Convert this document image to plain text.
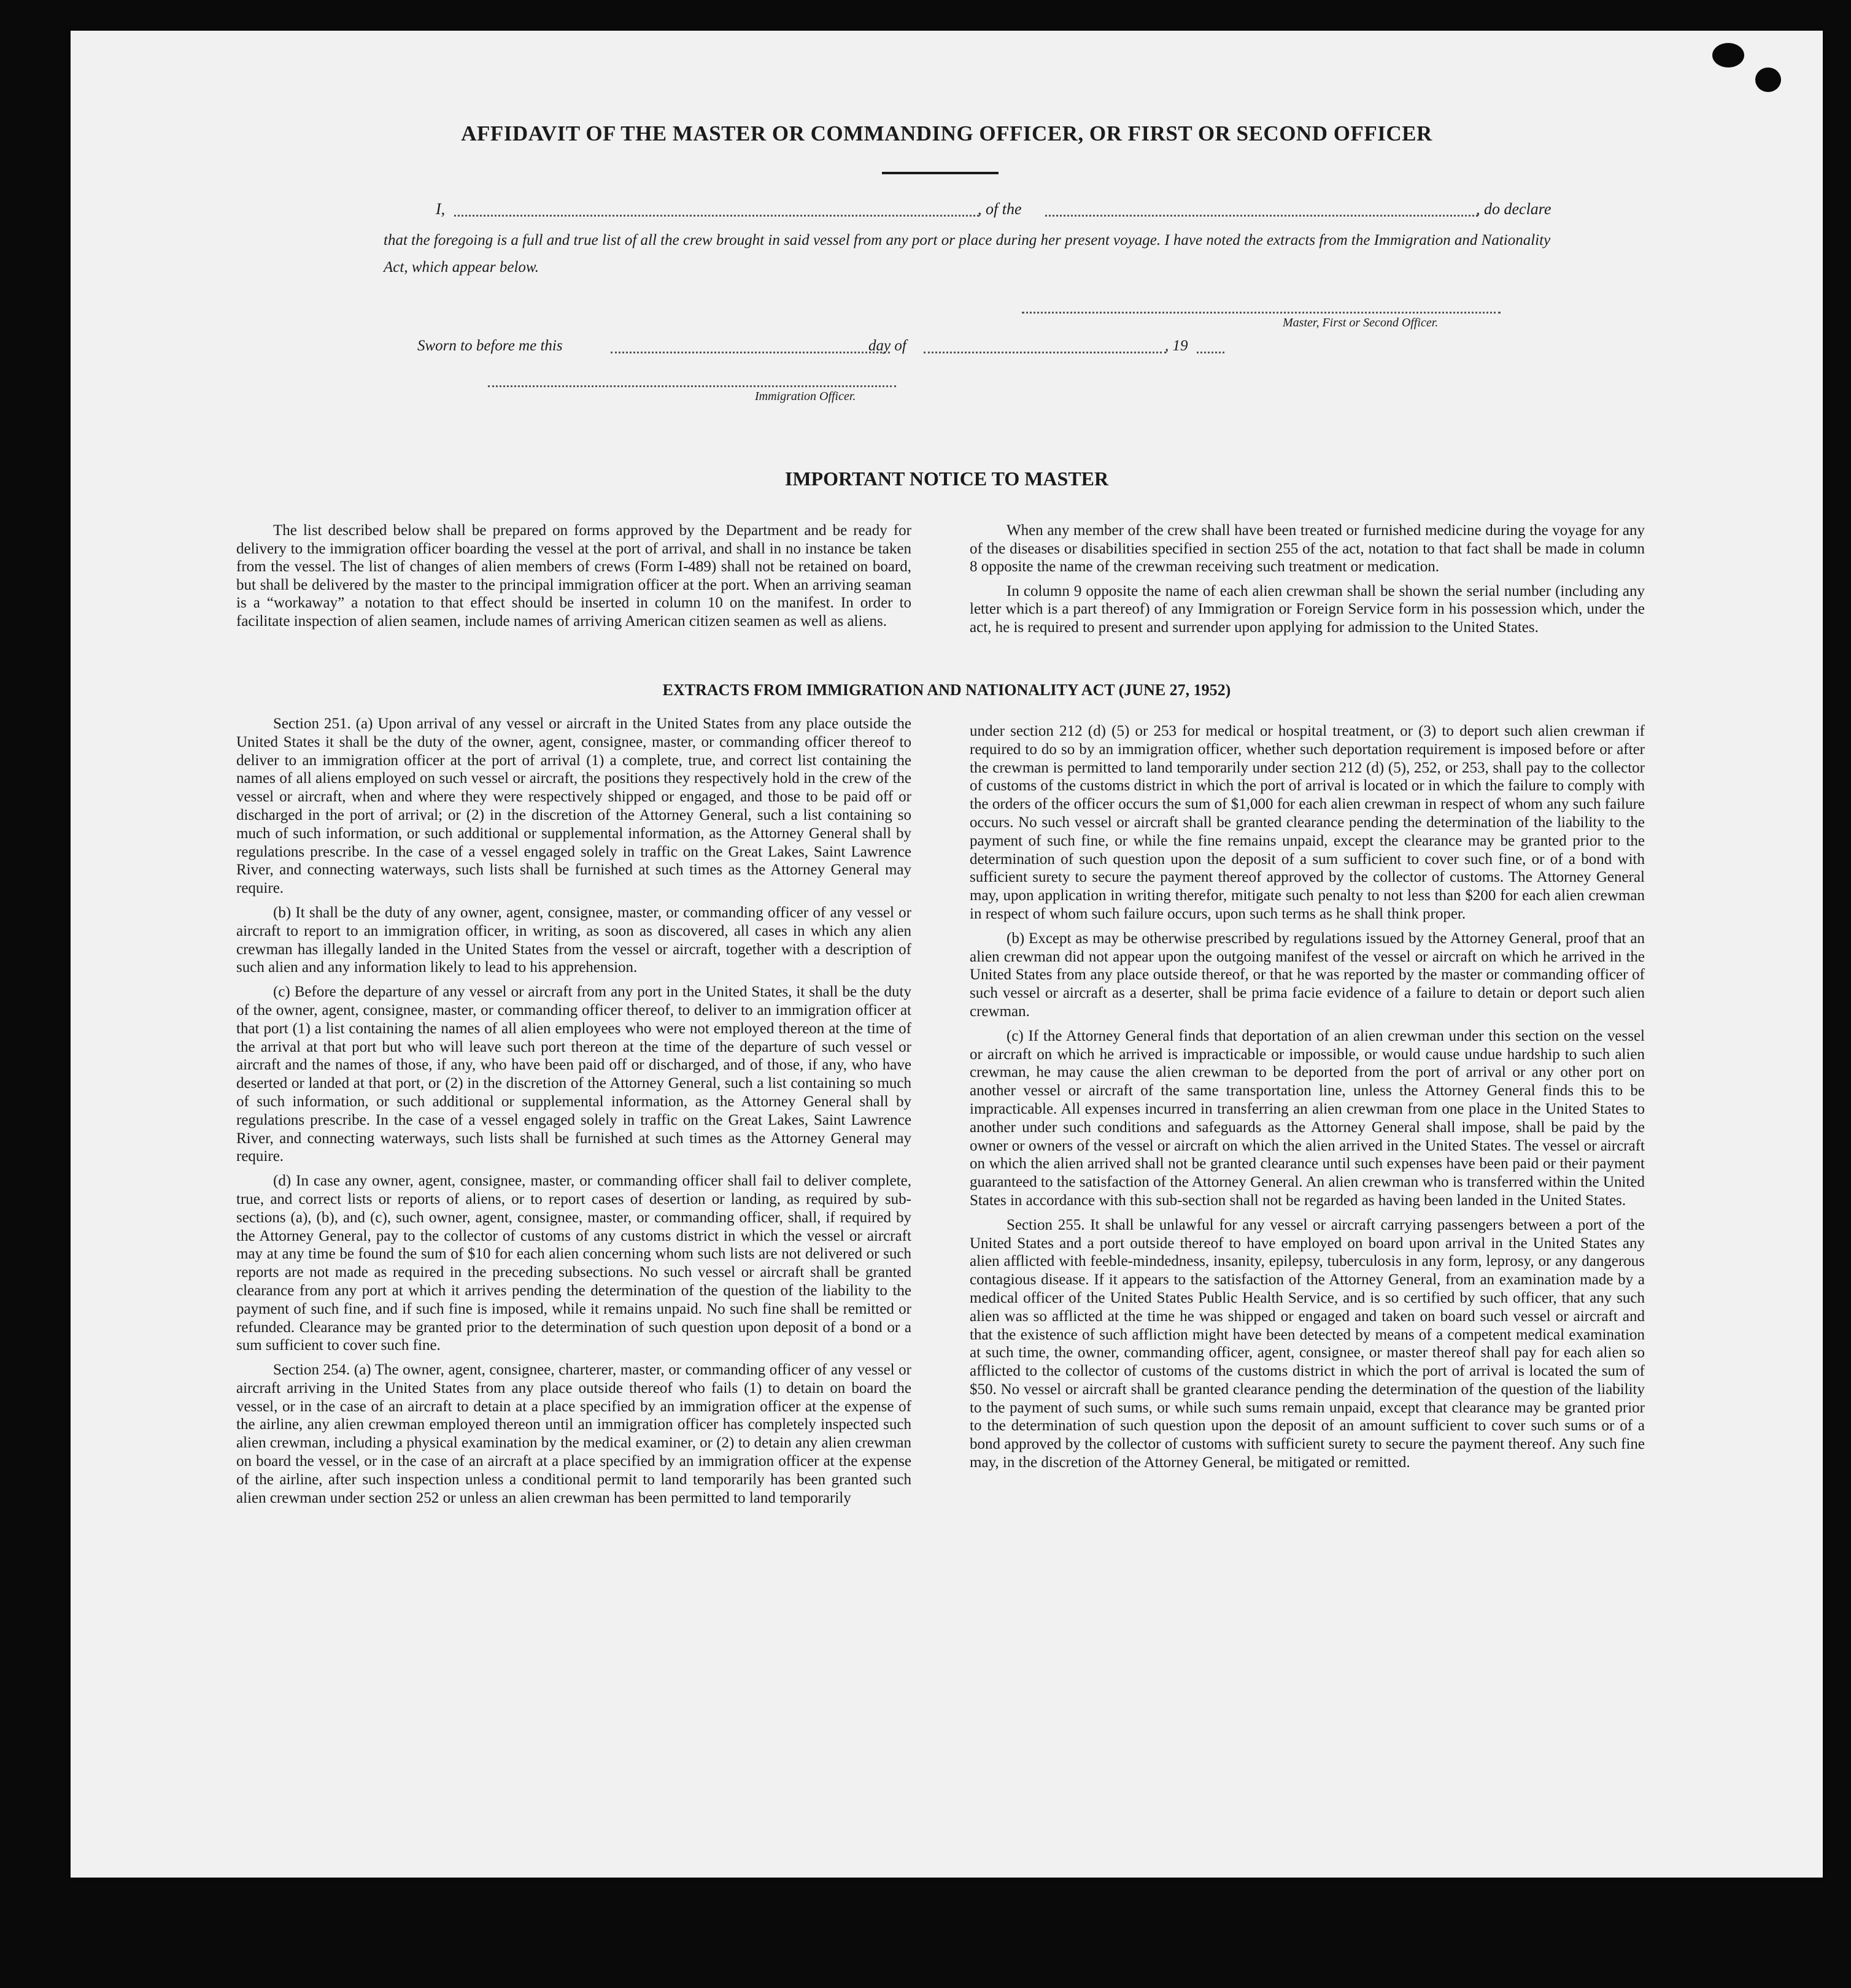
AFFIDAVIT OF THE MASTER OR COMMANDING OFFICER, OR FIRST OR SECOND OFFICER
I,	, of the	, do declare
that the foregoing is a full and true list of all the crew brought in said vessel from any port or place during her present voyage. I have noted the extracts from the Immigration and Nationality Act, which appear below.
Master, First or Second Officer.
Sworn to before me this	day of	, 19
Immigration Officer.
IMPORTANT NOTICE TO MASTER

The list described below shall be prepared on forms approved by the Department and be ready for delivery to the immigration officer boarding the vessel at the port of arrival, and shall in no instance be taken from the vessel. The list of changes of alien members of crews (Form I-489) shall not be retained on board, but shall be delivered by the master to the principal immigration officer at the port. When an arriving seaman is a “workaway” a notation to that effect should be inserted in column 10 on the manifest. In order to facilitate inspection of alien seamen, include names of arriving American citizen seamen as well as aliens.

When any member of the crew shall have been treated or furnished medicine during the voyage for any of the diseases or disabilities specified in section 255 of the act, notation to that fact shall be made in column 8 opposite the name of the crewman receiving such treatment or medication.

In column 9 opposite the name of each alien crewman shall be shown the serial number (including any letter which is a part thereof) of any Immigration or Foreign Service form in his possession which, under the act, he is required to present and surrender upon applying for admission to the United States.

EXTRACTS FROM IMMIGRATION AND NATIONALITY ACT (JUNE 27, 1952)

Section 251. (a) Upon arrival of any vessel or aircraft in the United States from any place outside the United States it shall be the duty of the owner, agent, consignee, master, or commanding officer thereof to deliver to an immigration officer at the port of arrival (1) a complete, true, and correct list containing the names of all aliens employed on such vessel or aircraft, the positions they respectively hold in the crew of the vessel or aircraft, when and where they were respectively shipped or engaged, and those to be paid off or discharged in the port of arrival; or (2) in the discretion of the Attorney General, such a list containing so much of such information, or such additional or supplemental information, as the Attorney General shall by regulations prescribe. In the case of a vessel engaged solely in traffic on the Great Lakes, Saint Lawrence River, and connecting waterways, such lists shall be furnished at such times as the Attorney General may require.

(b) It shall be the duty of any owner, agent, consignee, master, or commanding officer of any vessel or aircraft to report to an immigration officer, in writing, as soon as discovered, all cases in which any alien crewman has illegally landed in the United States from the vessel or aircraft, together with a description of such alien and any information likely to lead to his apprehension.

(c) Before the departure of any vessel or aircraft from any port in the United States, it shall be the duty of the owner, agent, consignee, master, or commanding officer thereof, to deliver to an immigration officer at that port (1) a list containing the names of all alien employees who were not employed thereon at the time of the arrival at that port but who will leave such port thereon at the time of the departure of such vessel or aircraft and the names of those, if any, who have been paid off or discharged, and of those, if any, who have deserted or landed at that port, or (2) in the discretion of the Attorney General, such a list containing so much of such information, or such additional or supplemental information, as the Attorney General shall by regulations prescribe. In the case of a vessel engaged solely in traffic on the Great Lakes, Saint Lawrence River, and connecting waterways, such lists shall be furnished at such times as the Attorney General may require.

(d) In case any owner, agent, consignee, master, or commanding officer shall fail to deliver complete, true, and correct lists or reports of aliens, or to report cases of desertion or landing, as required by sub-sections (a), (b), and (c), such owner, agent, consignee, master, or commanding officer, shall, if required by the Attorney General, pay to the collector of customs of any customs district in which the vessel or aircraft may at any time be found the sum of $10 for each alien concerning whom such lists are not delivered or such reports are not made as required in the preceding subsections. No such vessel or aircraft shall be granted clearance from any port at which it arrives pending the determination of the question of the liability to the payment of such fine, and if such fine is imposed, while it remains unpaid. No such fine shall be remitted or refunded. Clearance may be granted prior to the determination of such question upon deposit of a bond or a sum sufficient to cover such fine.

Section 254. (a) The owner, agent, consignee, charterer, master, or commanding officer of any vessel or aircraft arriving in the United States from any place outside thereof who fails (1) to detain on board the vessel, or in the case of an aircraft to detain at a place specified by an immigration officer at the expense of the airline, any alien crewman employed thereon until an immigration officer has completely inspected such alien crewman, including a physical examination by the medical examiner, or (2) to detain any alien crewman on board the vessel, or in the case of an aircraft at a place specified by an immigration officer at the expense of the airline, after such inspection unless a conditional permit to land temporarily has been granted such alien crewman under section 252 or unless an alien crewman has been permitted to land temporarily

under section 212 (d) (5) or 253 for medical or hospital treatment, or (3) to deport such alien crewman if required to do so by an immigration officer, whether such deportation requirement is imposed before or after the crewman is permitted to land temporarily under section 212 (d) (5), 252, or 253, shall pay to the collector of customs of the customs district in which the port of arrival is located or in which the failure to comply with the orders of the officer occurs the sum of $1,000 for each alien crewman in respect of whom any such failure occurs. No such vessel or aircraft shall be granted clearance pending the determination of the liability to the payment of such fine, or while the fine remains unpaid, except the clearance may be granted prior to the determination of such question upon the deposit of a sum sufficient to cover such fine, or of a bond with sufficient surety to secure the payment thereof approved by the collector of customs. The Attorney General may, upon application in writing therefor, mitigate such penalty to not less than $200 for each alien crewman in respect of whom such failure occurs, upon such terms as he shall think proper.

(b) Except as may be otherwise prescribed by regulations issued by the Attorney General, proof that an alien crewman did not appear upon the outgoing manifest of the vessel or aircraft on which he arrived in the United States from any place outside thereof, or that he was reported by the master or commanding officer of such vessel or aircraft as a deserter, shall be prima facie evidence of a failure to detain or deport such alien crewman.

(c) If the Attorney General finds that deportation of an alien crewman under this section on the vessel or aircraft on which he arrived is impracticable or impossible, or would cause undue hardship to such alien crewman, he may cause the alien crewman to be deported from the port of arrival or any other port on another vessel or aircraft of the same transportation line, unless the Attorney General finds this to be impracticable. All expenses incurred in transferring an alien crewman from one place in the United States to another under such conditions and safeguards as the Attorney General shall impose, shall be paid by the owner or owners of the vessel or aircraft on which the alien arrived in the United States. The vessel or aircraft on which the alien arrived shall not be granted clearance until such expenses have been paid or their payment guaranteed to the satisfaction of the Attorney General. An alien crewman who is transferred within the United States in accordance with this sub-section shall not be regarded as having been landed in the United States.

Section 255. It shall be unlawful for any vessel or aircraft carrying passengers between a port of the United States and a port outside thereof to have employed on board upon arrival in the United States any alien afflicted with feeble-mindedness, insanity, epilepsy, tuberculosis in any form, leprosy, or any dangerous contagious disease. If it appears to the satisfaction of the Attorney General, from an examination made by a medical officer of the United States Public Health Service, and is so certified by such officer, that any such alien was so afflicted at the time he was shipped or engaged and taken on board such vessel or aircraft and that the existence of such affliction might have been detected by means of a competent medical examination at such time, the owner, commanding officer, agent, consignee, or master thereof shall pay for each alien so afflicted to the collector of customs of the customs district in which the port of arrival is located the sum of $50. No vessel or aircraft shall be granted clearance pending the determination of the question of the liability to the payment of such sums, or while such sums remain unpaid, except that clearance may be granted prior to the determination of such question upon the deposit of an amount sufficient to cover such sums or of a bond approved by the collector of customs with sufficient surety to secure the payment thereof. Any such fine may, in the discretion of the Attorney General, be mitigated or remitted.
